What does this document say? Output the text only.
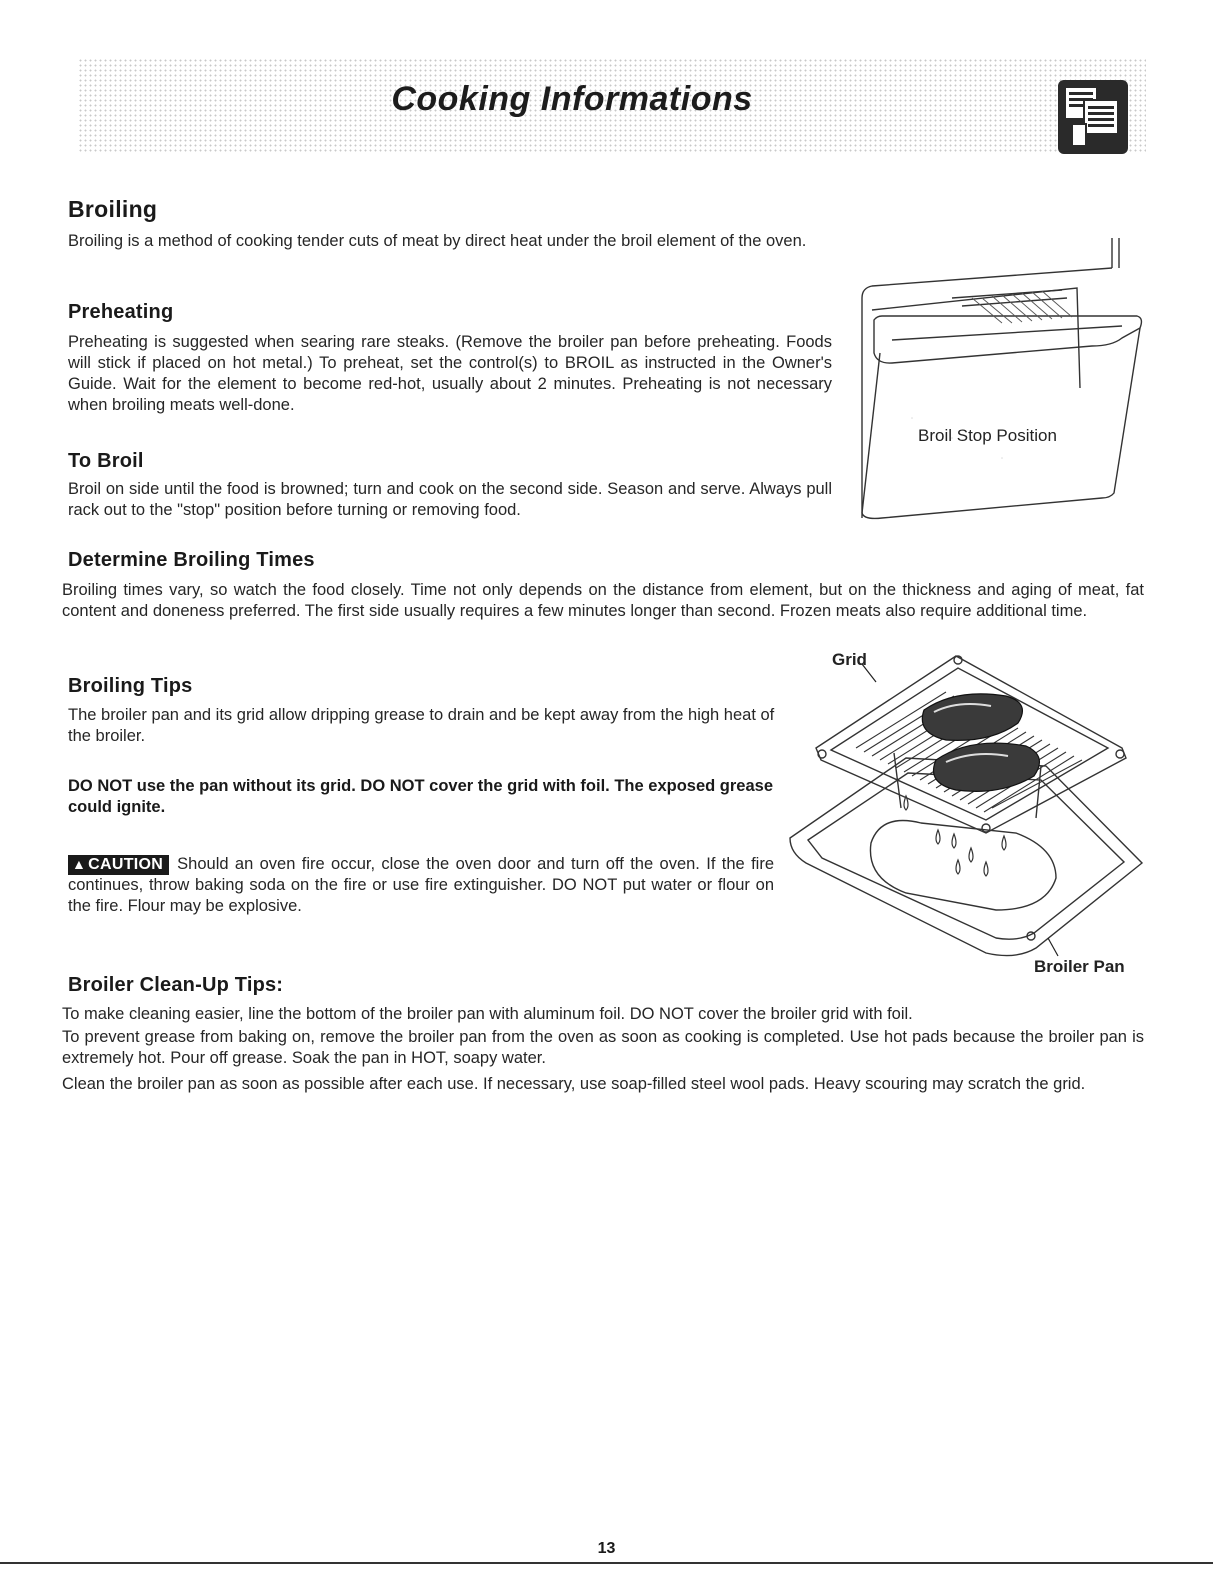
Cooking Informations
Broiling
Broiling is a method of cooking tender cuts of meat by direct heat under the broil element of the oven.
Preheating
Preheating is suggested when searing rare steaks. (Remove the broiler pan before preheating. Foods will stick if placed on hot metal.) To preheat, set the control(s) to BROIL as instructed in the Owner's Guide. Wait for the element to become red-hot, usually about 2 minutes. Preheating is not necessary when broiling meats well-done.
To Broil
Broil on side until the food is browned; turn and cook on the second side. Season and serve. Always pull rack out to the "stop" position before turning or removing food.
Broil Stop Position
Determine Broiling Times
Broiling times vary, so watch the food closely. Time not only depends on the distance from element, but on the thickness and aging of meat, fat content and doneness preferred. The first side usually requires a few minutes longer than second. Frozen meats also require additional time.
Broiling Tips
The broiler pan and its grid allow dripping grease to drain and be kept away from the high heat of the broiler.
DO NOT use the pan without its grid. DO NOT cover the grid with foil. The exposed grease could ignite.
▲ CAUTION Should an oven fire occur, close the oven door and turn off the oven. If the fire continues, throw baking soda on the fire or use fire extinguisher. DO NOT put water or flour on the fire. Flour may be explosive.
Grid
Broiler Pan
Broiler Clean-Up Tips:
To make cleaning easier, line the bottom of the broiler pan with aluminum foil. DO NOT cover the broiler grid with foil.
To prevent grease from baking on, remove the broiler pan from the oven as soon as cooking is completed. Use hot pads because the broiler pan is extremely hot. Pour off grease. Soak the pan in HOT, soapy water.
Clean the broiler pan as soon as possible after each use. If necessary, use soap-filled steel wool pads. Heavy scouring may scratch the grid.
13
